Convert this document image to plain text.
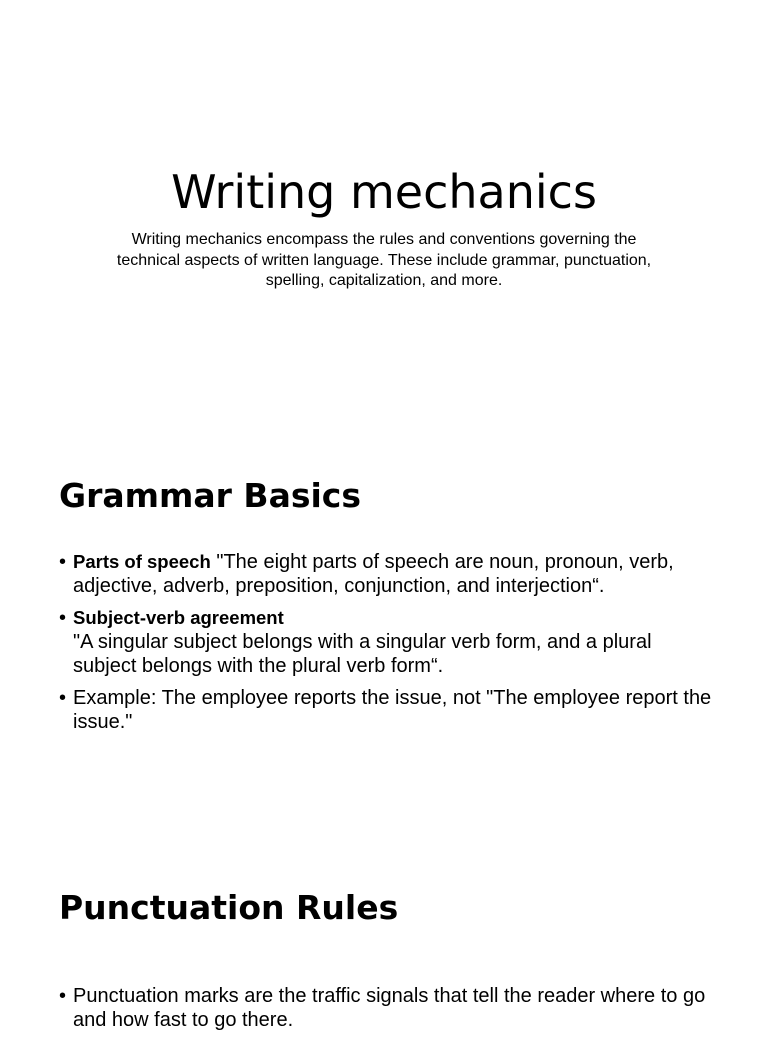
Writing mechanics

Writing mechanics encompass the rules and conventions governing the technical aspects of written language. These include grammar, punctuation, spelling, capitalization, and more.

Grammar Basics
• Parts of speech "The eight parts of speech are noun, pronoun, verb, adjective, adverb, preposition, conjunction, and interjection“.
• Subject-verb agreement
"A singular subject belongs with a singular verb form, and a plural subject belongs with the plural verb form“.
• Example: The employee reports the issue, not "The employee report the issue."
Punctuation Rules
• Punctuation marks are the traffic signals that tell the reader where to go and how fast to go there.
